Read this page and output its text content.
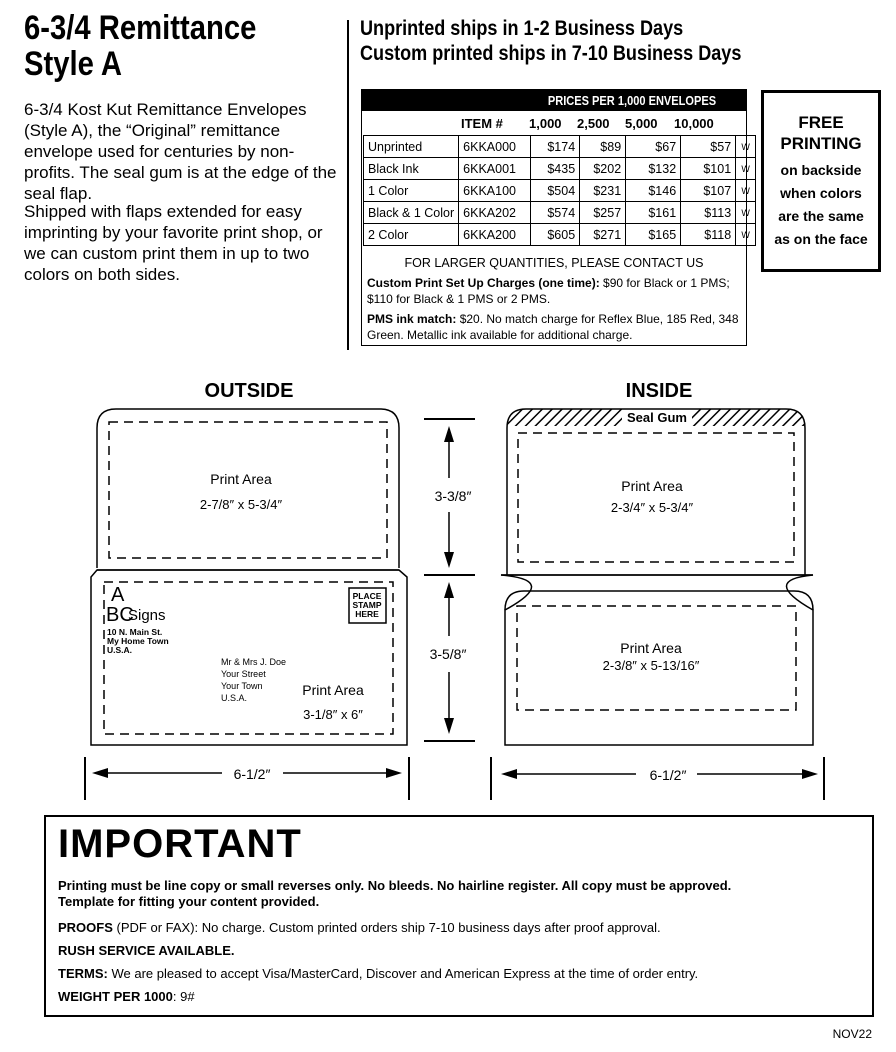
6-3/4 Remittance Style A
6-3/4 Kost Kut Remittance Envelopes (Style A), the “Original” remittance envelope used for centuries by non-profits. The seal gum is at the edge of the seal flap.
Shipped with flaps extended for easy imprinting by your favorite print shop, or we can custom print them in up to two colors on both sides.
Unprinted ships in 1-2 Business Days
Custom printed ships in 7-10 Business Days
PRICES PER 1,000 ENVELOPES
ITEM # 1,000 2,500 5,000 10,000
Unprinted	6KKA000	$174	$89	$67	$57	W
Black Ink	6KKA001	$435	$202	$132	$101	W
1 Color	6KKA100	$504	$231	$146	$107	W
Black & 1 Color	6KKA202	$574	$257	$161	$113	W
2 Color	6KKA200	$605	$271	$165	$118	W
FOR LARGER QUANTITIES, PLEASE CONTACT US
Custom Print Set Up Charges (one time): $90 for Black or 1 PMS; $110 for Black & 1 PMS or 2 PMS.
PMS ink match: $20. No match charge for Reflex Blue, 185 Red, 348 Green. Metallic ink available for additional charge.
FREE
PRINTING
on backside
when colors
are the same
as on the face
OUTSIDE	INSIDE
Print Area
2-7/8″ x 5-3/4″
A
BC
Signs
10 N. Main St.
My Home Town
U.S.A.
PLACE
STAMP
HERE
Mr & Mrs J. Doe
Your Street
Your Town
U.S.A.	Print Area
3-1/8″ x 6″
6-1/2″
3-3/8″
3-5/8″
Seal Gum
Print Area
2-3/4″ x 5-3/4″
Print Area
2-3/8″ x 5-13/16″
6-1/2″
IMPORTANT
Printing must be line copy or small reverses only. No bleeds. No hairline register. All copy must be approved.
Template for fitting your content provided.
PROOFS (PDF or FAX): No charge. Custom printed orders ship 7-10 business days after proof approval.
RUSH SERVICE AVAILABLE.
TERMS: We are pleased to accept Visa/MasterCard, Discover and American Express at the time of order entry.
WEIGHT PER 1000: 9#
NOV22
